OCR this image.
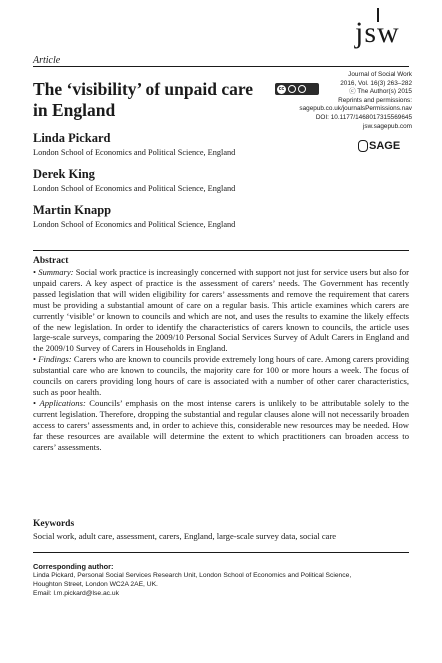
jsw
Article
The ‘visibility’ of unpaid care in England
cc
Journal of Social Work
2016, Vol. 16(3) 263–282
ⓒ The Author(s) 2015
Reprints and permissions:
sagepub.co.uk/journalsPermissions.nav
DOI: 10.1177/1468017315569645
jsw.sagepub.com
SAGE
Linda Pickard
London School of Economics and Political Science, England
Derek King
London School of Economics and Political Science, England
Martin Knapp
London School of Economics and Political Science, England
Abstract

• Summary: Social work practice is increasingly concerned with support not just for service users but also for unpaid carers. A key aspect of practice is the assessment of carers’ needs. The Government has recently passed legislation that will widen eligibility for carers’ assessments and remove the requirement that carers must be providing a substantial amount of care on a regular basis. This article examines which carers are currently ‘visible’ or known to councils and which are not, and uses the results to examine the likely effects of the new legislation. In order to identify the characteristics of carers known to councils, the article uses large-scale surveys, comparing the 2009/10 Personal Social Services Survey of Adult Carers in England and the 2009/10 Survey of Carers in Households in England.

• Findings: Carers who are known to councils provide extremely long hours of care. Among carers providing substantial care who are known to councils, the majority care for 100 or more hours a week. The focus of councils on carers providing long hours of care is associated with a number of other carer characteristics, such as poor health.

• Applications: Councils’ emphasis on the most intense carers is unlikely to be attributable solely to the current legislation. Therefore, dropping the substantial and regular clauses alone will not necessarily broaden access to carers’ assessments and, in order to achieve this, considerable new resources may be needed. How far these resources are available will determine the extent to which practitioners can broaden access to carers’ assessments.

Keywords
Social work, adult care, assessment, carers, England, large-scale survey data, social care
Corresponding author:
Linda Pickard, Personal Social Services Research Unit, London School of Economics and Political Science,
Houghton Street, London WC2A 2AE, UK.
Email: l.m.pickard@lse.ac.uk
